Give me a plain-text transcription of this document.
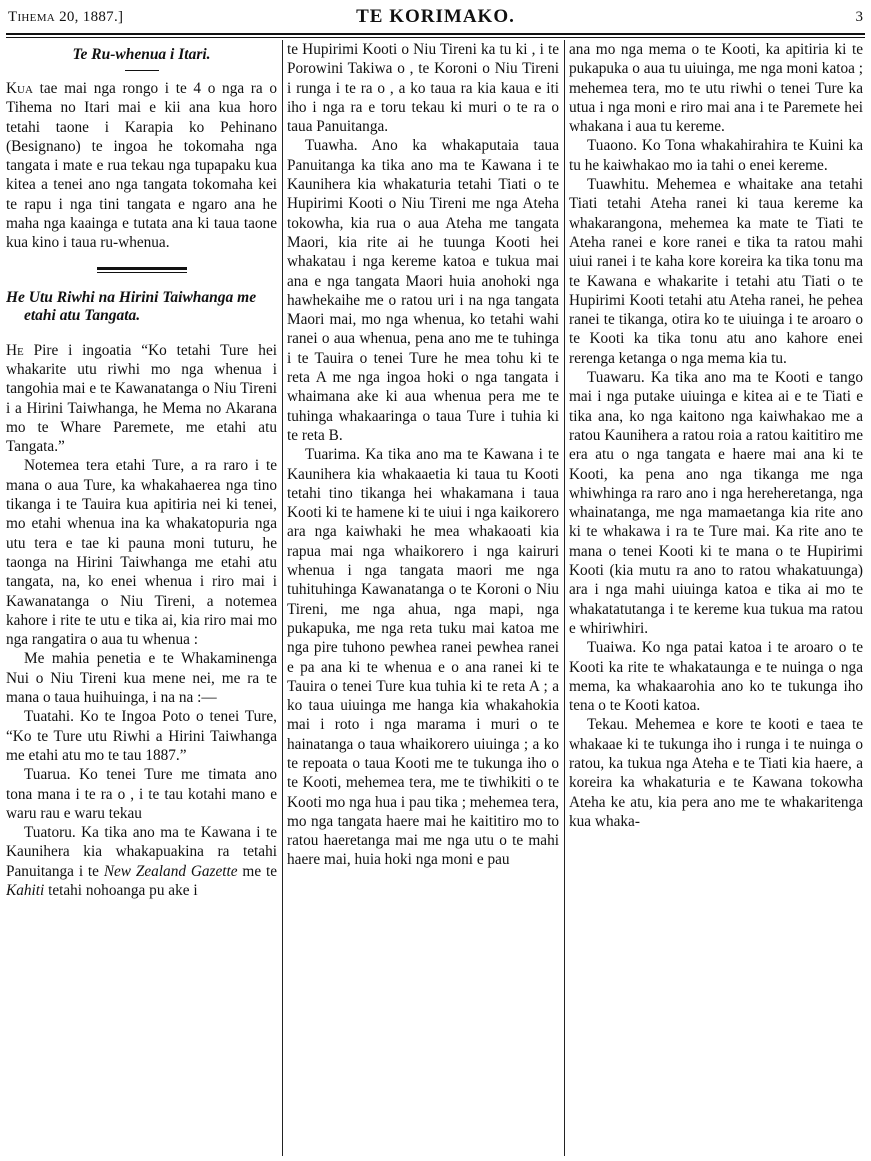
Tihema 20, 1887.]	TE KORIMAKO.	3
Te Ru-whenua i Itari.

Kua tae mai nga rongo i te 4 o nga ra o Tihema no Itari mai e kii ana kua horo tetahi taone i Karapia ko Pehinano (Besignano) te ingoa he tokomaha nga tangata i mate e rua tekau nga tupapaku kua kitea a tenei ano nga tangata tokomaha kei te rapu i nga tini tangata e ngaro ana he maha nga kaainga e tutata ana ki taua taone kua kino i taua ru-whenua.

He Utu Riwhi na Hirini Taiwhanga me etahi atu Tangata.

He Pire i ingoatia “Ko tetahi Ture hei whakarite utu riwhi mo nga whenua i tangohia mai e te Kawanatanga o Niu Tireni i a Hirini Taiwhanga, he Mema no Akarana mo te Whare Paremete, me etahi atu Tangata.”

Notemea tera etahi Ture, a ra raro i te mana o aua Ture, ka whakahaerea nga tino tikanga i te Tauira kua apitiria nei ki tenei, mo etahi whenua ina ka whakatopuria nga utu tera e tae ki pauna moni tuturu, he taonga na Hirini Taiwhanga me etahi atu tangata, na, ko enei whenua i riro mai i Kawanatanga o Niu Tireni, a notemea kahore i rite te utu e tika ai, kia riro mai mo nga rangatira o aua tu whenua :

Me mahia penetia e te Whakaminenga Nui o Niu Tireni kua mene nei, me ra te mana o taua huihuinga, i na na :—

Tuatahi. Ko te Ingoa Poto o tenei Ture, “Ko te Ture utu Riwhi a Hirini Taiwhanga me etahi atu mo te tau 1887.”

Tuarua. Ko tenei Ture me timata ano tona mana i te ra o , i te tau kotahi mano e waru rau e waru tekau

Tuatoru. Ka tika ano ma te Kawana i te Kaunihera kia whakapuakina ra tetahi Panuitanga i te New Zealand Gazette me te Kahiti tetahi nohoanga pu ake i

te Hupirimi Kooti o Niu Tireni ka tu ki , i te Porowini Takiwa o , te Koroni o Niu Tireni i runga i te ra o , a ko taua ra kia kaua e iti iho i nga ra e toru tekau ki muri o te ra o taua Panuitanga.

Tuawha. Ano ka whakaputaia taua Panuitanga ka tika ano ma te Kawana i te Kaunihera kia whakaturia tetahi Tiati o te Hupirimi Kooti o Niu Tireni me nga Ateha tokowha, kia rua o aua Ateha me tangata Maori, kia rite ai he tuunga Kooti hei whakatau i nga kereme katoa e tukua mai ana e nga tangata Maori huia anohoki nga hawhekaihe me o ratou uri i na nga tangata Maori mai, mo nga whenua, ko tetahi wahi ranei o aua whenua, pena ano me te tuhinga i te Tauira o tenei Ture he mea tohu ki te reta A me nga ingoa hoki o nga tangata i whaimana ake ki aua whenua pera me te tuhinga whakaaringa o taua Ture i tuhia ki te reta B.

Tuarima. Ka tika ano ma te Kawana i te Kaunihera kia whakaaetia ki taua tu Kooti tetahi tino tikanga hei whakamana i taua Kooti ki te hamene ki te uiui i nga kaikorero ara nga kaiwhaki he mea whakaoati kia rapua mai nga whaikorero i nga kairuri whenua i nga tangata maori me nga tuhituhinga Kawanatanga o te Koroni o Niu Tireni, me nga ahua, nga mapi, nga pukapuka, me nga reta tuku mai katoa me nga pire tuhono pewhea ranei pewhea ranei e pa ana ki te whenua e o ana ranei ki te Tauira o tenei Ture kua tuhia ki te reta A ; a ko taua uiuinga me hanga kia whakahokia mai i roto i nga marama i muri o te hainatanga o taua whaikorero uiuinga ; a ko te repoata o taua Kooti me te tukunga iho o te Kooti, mehemea tera, me te tiwhikiti o te Kooti mo nga hua i pau tika ; mehemea tera, mo nga tangata haere mai he kaititiro mo to ratou haeretanga mai me nga utu o te mahi haere mai, huia hoki nga moni e pau

ana mo nga mema o te Kooti, ka apitiria ki te pukapuka o aua tu uiuinga, me nga moni katoa ; mehemea tera, mo te utu riwhi o tenei Ture ka utua i nga moni e riro mai ana i te Paremete hei whakana i aua tu kereme.

Tuaono. Ko Tona whakahirahira te Kuini ka tu he kaiwhakao mo ia tahi o enei kereme.

Tuawhitu. Mehemea e whaitake ana tetahi Tiati tetahi Ateha ranei ki taua kereme ka whakarangona, mehemea ka mate te Tiati te Ateha ranei e kore ranei e tika ta ratou mahi uiui ranei i te kaha kore koreira ka tika tonu ma te Kawana e whakarite i tetahi atu Tiati o te Hupirimi Kooti tetahi atu Ateha ranei, he pehea ranei te tikanga, otira ko te uiuinga i te aroaro o te Kooti ka tika tonu atu ano kahore enei rerenga ketanga o nga mema kia tu.

Tuawaru. Ka tika ano ma te Kooti e tango mai i nga putake uiuinga e kitea ai e te Tiati e tika ana, ko nga kaitono nga kaiwhakao me a ratou Kaunihera a ratou roia a ratou kaititiro me era atu o nga tangata e haere mai ana ki te Kooti, ka pena ano nga tikanga me nga whiwhinga ra raro ano i nga hereheretanga, nga whainatanga, me nga mamaetanga kia rite ano ki te whakawa i ra te Ture mai. Ka rite ano te mana o tenei Kooti ki te mana o te Hupirimi Kooti (kia mutu ra ano to ratou whakatuunga) ara i nga mahi uiuinga katoa e tika ai mo te whakatatutanga i te kereme kua tukua ma ratou e whiriwhiri.

Tuaiwa. Ko nga patai katoa i te aroaro o te Kooti ka rite te whakataunga e te nuinga o nga mema, ka whakaarohia ano ko te tukunga iho tena o te Kooti katoa.

Tekau. Mehemea e kore te kooti e taea te whakaae ki te tukunga iho i runga i te nuinga o ratou, ka tukua nga Ateha e te Tiati kia haere, a koreira ka whakaturia e te Kawana tokowha Ateha ke atu, kia pera ano me te whakaritenga kua whaka-
